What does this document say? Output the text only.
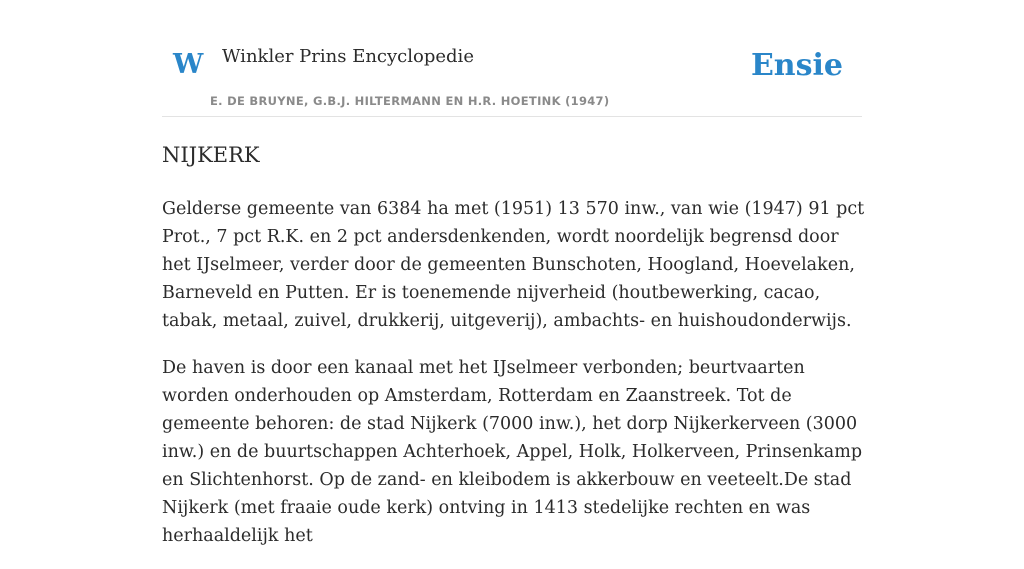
W Winkler Prins Encyclopedie
E. DE BRUYNE, G.B.J. HILTERMANN EN H.R. HOETINK (1947)
Ensie
NIJKERK

Gelderse gemeente van 6384 ha met (1951) 13 570 inw., van wie (1947) 91 pct Prot., 7 pct R.K. en 2 pct andersdenkenden, wordt noordelijk begrensd door het IJselmeer, verder door de gemeenten Bunschoten, Hoogland, Hoevelaken, Barneveld en Putten. Er is toenemende nijverheid (houtbewerking, cacao, tabak, metaal, zuivel, drukkerij, uitgeverij), ambachts- en huishoudonderwijs.

De haven is door een kanaal met het IJselmeer verbonden; beurtvaarten worden onderhouden op Amsterdam, Rotterdam en Zaanstreek. Tot de gemeente behoren: de stad Nijkerk (7000 inw.), het dorp Nijkerkerveen (3000 inw.) en de buurtschappen Achterhoek, Appel, Holk, Holkerveen, Prinsenkamp en Slichtenhorst. Op de zand- en kleibodem is akkerbouw en veeteelt.De stad Nijkerk (met fraaie oude kerk) ontving in 1413 stedelijke rechten en was herhaaldelijk het
